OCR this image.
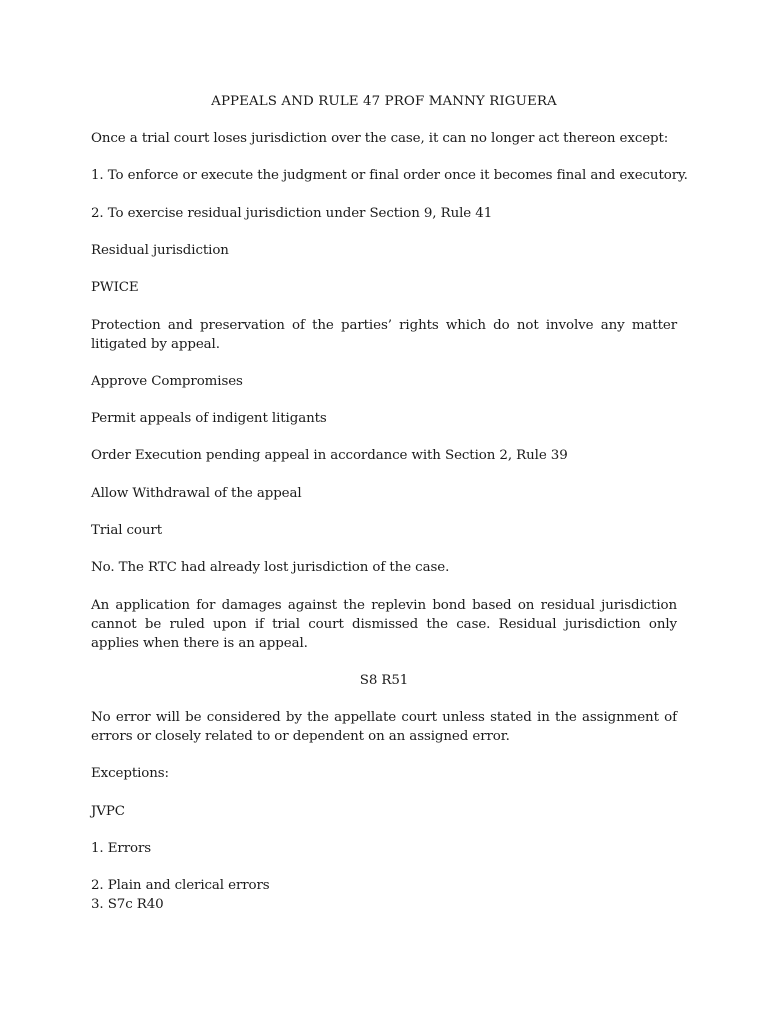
APPEALS AND RULE 47 PROF MANNY RIGUERA

Once a trial court loses jurisdiction over the case, it can no longer act thereon except:

1. To enforce or execute the judgment or final order once it becomes final and executory.

2. To exercise residual jurisdiction under Section 9, Rule 41

Residual jurisdiction

PWICE

Protection and preservation of the parties’ rights which do not involve any matter litigated by appeal.

Approve Compromises

Permit appeals of indigent litigants

Order Execution pending appeal in accordance with Section 2, Rule 39

Allow Withdrawal of the appeal

Trial court

No. The RTC had already lost jurisdiction of the case.

An application for damages against the replevin bond based on residual jurisdiction cannot be ruled upon if trial court dismissed the case. Residual jurisdiction only applies when there is an appeal.

S8 R51

No error will be considered by the appellate court unless stated in the assignment of errors or closely related to or dependent on an assigned error.

Exceptions:

JVPC

1. Errors

2. Plain and clerical errors

3. S7c R40
